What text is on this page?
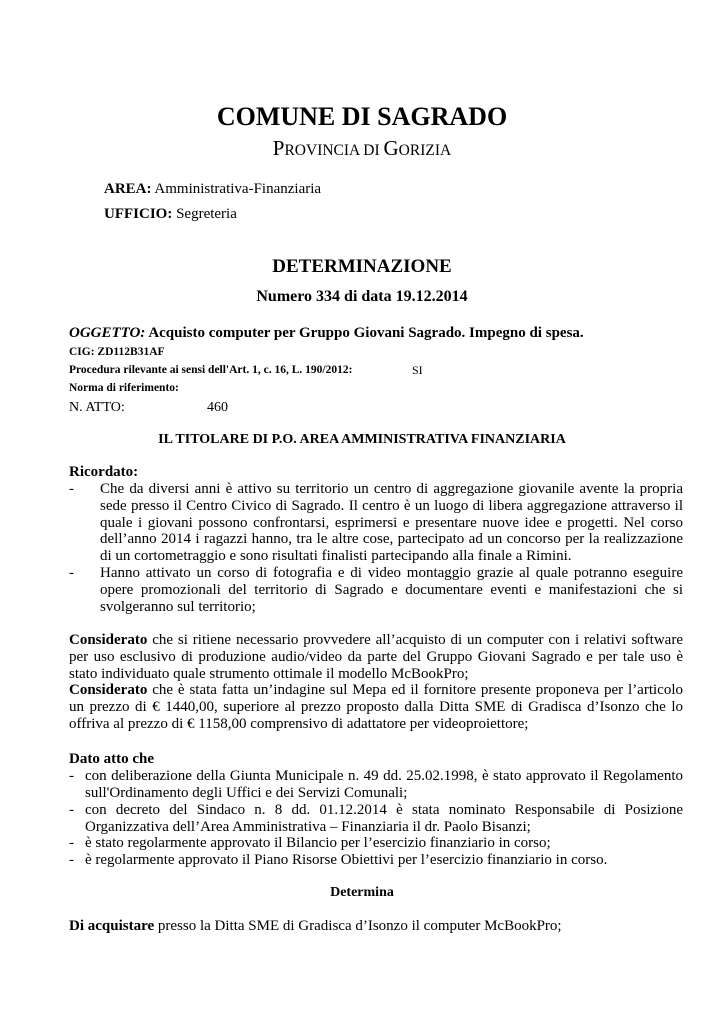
COMUNE DI SAGRADO
PROVINCIA DI GORIZIA
AREA: Amministrativa-Finanziaria
UFFICIO: Segreteria
DETERMINAZIONE
Numero 334 di data 19.12.2014
OGGETTO: Acquisto computer per Gruppo Giovani Sagrado. Impegno di spesa.
CIG: ZD112B31AF
Procedura rilevante ai sensi dell'Art. 1, c. 16, L. 190/2012:	SI
Norma di riferimento:
N. ATTO:	460
IL TITOLARE DI P.O. AREA AMMINISTRATIVA FINANZIARIA
Ricordato:
- Che da diversi anni è attivo su territorio un centro di aggregazione giovanile avente la propria sede presso il Centro Civico di Sagrado. Il centro è un luogo di libera aggregazione attraverso il quale i giovani possono confrontarsi, esprimersi e presentare nuove idee e progetti. Nel corso dell’anno 2014 i ragazzi hanno, tra le altre cose, partecipato ad un concorso per la realizzazione di un cortometraggio e sono risultati finalisti partecipando alla finale a Rimini.
- Hanno attivato un corso di fotografia e di video montaggio grazie al quale potranno eseguire opere promozionali del territorio di Sagrado e documentare eventi e manifestazioni che si svolgeranno sul territorio;
Considerato che si ritiene necessario provvedere all’acquisto di un computer con i relativi software per uso esclusivo di produzione audio/video da parte del Gruppo Giovani Sagrado e per tale uso è stato individuato quale strumento ottimale il modello McBookPro;
Considerato che è stata fatta un’indagine sul Mepa ed il fornitore presente proponeva per l’articolo un prezzo di € 1440,00, superiore al prezzo proposto dalla Ditta SME di Gradisca d’Isonzo che lo offriva al prezzo di € 1158,00 comprensivo di adattatore per videoproiettore;
Dato atto che
- con deliberazione della Giunta Municipale n. 49 dd. 25.02.1998, è stato approvato il Regolamento sull'Ordinamento degli Uffici e dei Servizi Comunali;
- con decreto del Sindaco n. 8 dd. 01.12.2014 è stata nominato Responsabile di Posizione Organizzativa dell’Area Amministrativa – Finanziaria il dr. Paolo Bisanzi;
- è stato regolarmente approvato il Bilancio per l’esercizio finanziario in corso;
- è regolarmente approvato il Piano Risorse Obiettivi per l’esercizio finanziario in corso.
Determina
Di acquistare presso la Ditta SME di Gradisca d’Isonzo il computer McBookPro;
